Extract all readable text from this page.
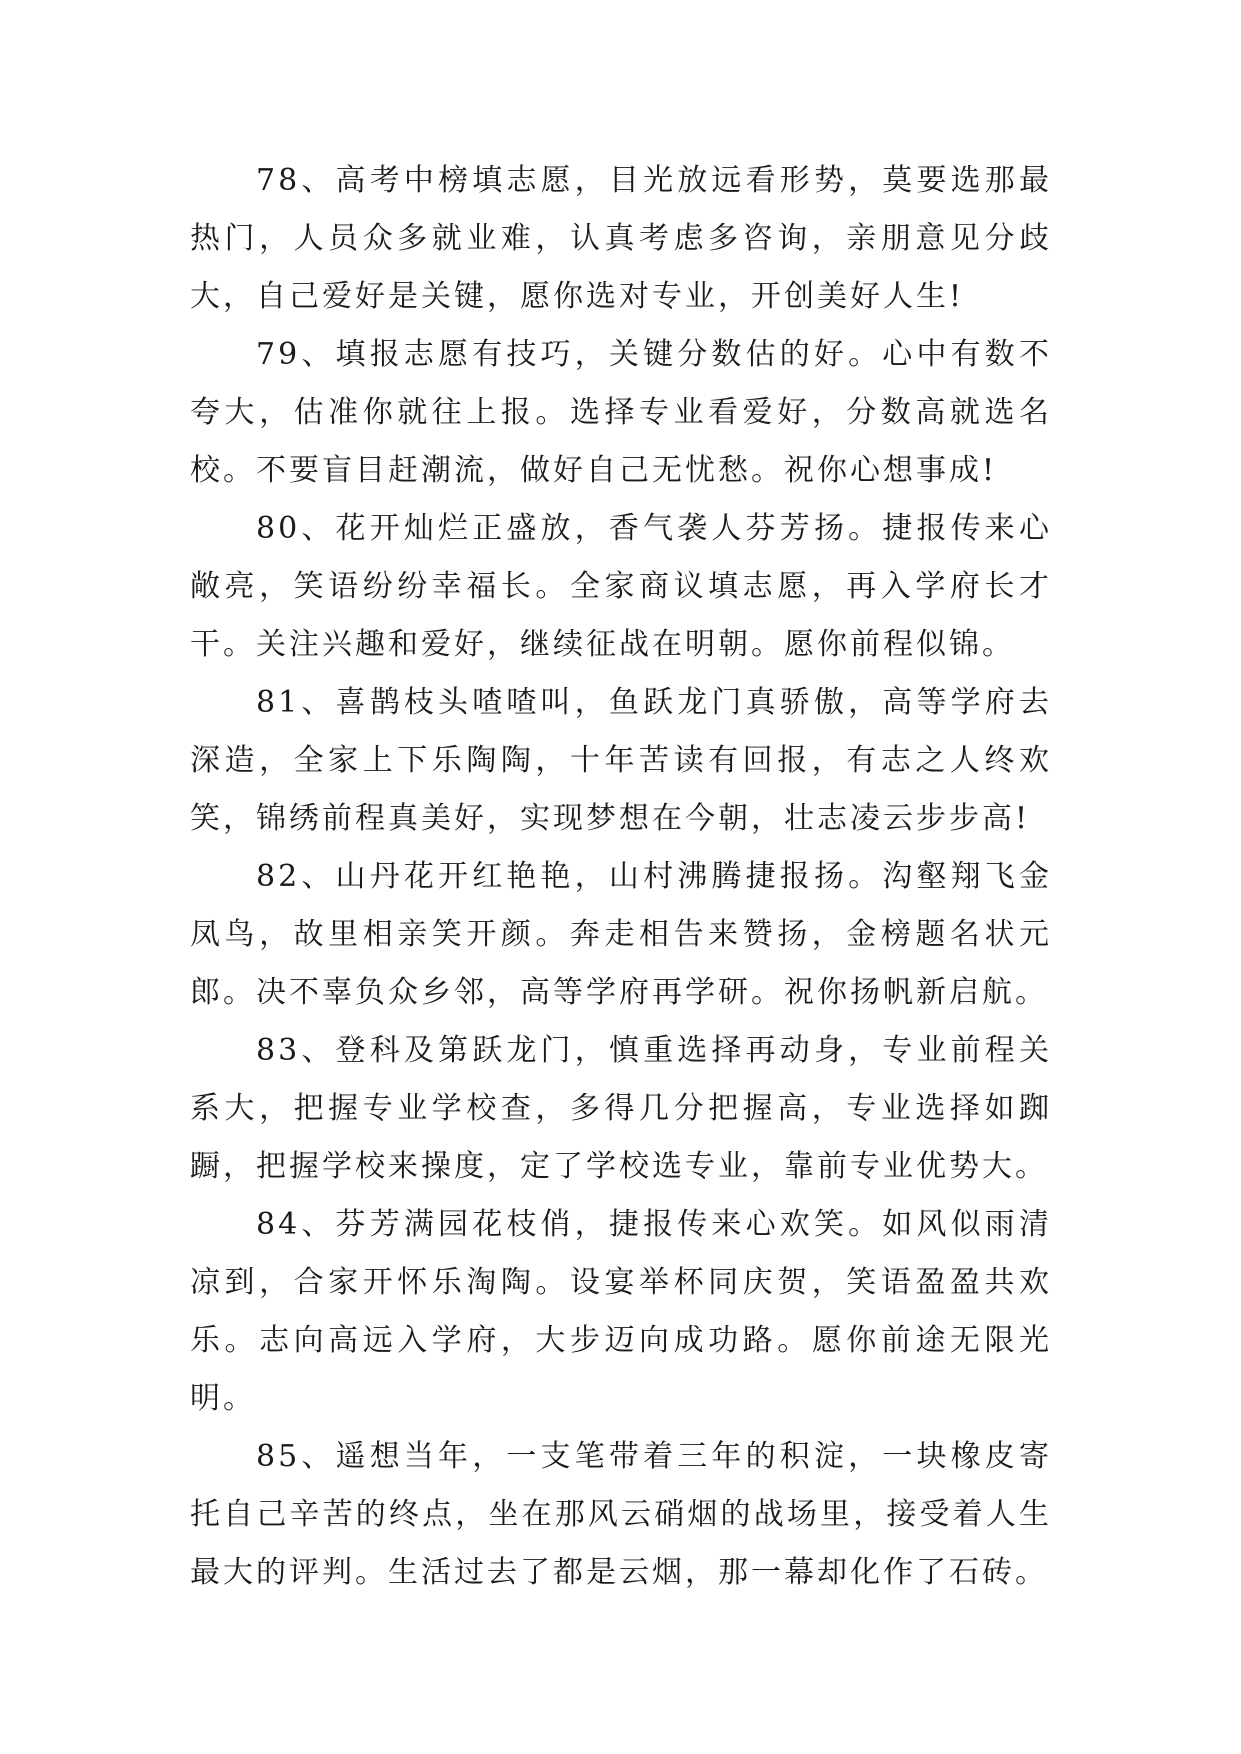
78、高考中榜填志愿，目光放远看形势，莫要选那最热门，人员众多就业难，认真考虑多咨询，亲朋意见分歧大，自己爱好是关键，愿你选对专业，开创美好人生!

79、填报志愿有技巧，关键分数估的好。心中有数不夸大，估准你就往上报。选择专业看爱好，分数高就选名校。不要盲目赶潮流，做好自己无忧愁。祝你心想事成!

80、花开灿烂正盛放，香气袭人芬芳扬。捷报传来心敞亮，笑语纷纷幸福长。全家商议填志愿，再入学府长才干。关注兴趣和爱好，继续征战在明朝。愿你前程似锦。

81、喜鹊枝头喳喳叫，鱼跃龙门真骄傲，高等学府去深造，全家上下乐陶陶，十年苦读有回报，有志之人终欢笑，锦绣前程真美好，实现梦想在今朝，壮志凌云步步高!

82、山丹花开红艳艳，山村沸腾捷报扬。沟壑翔飞金凤鸟，故里相亲笑开颜。奔走相告来赞扬，金榜题名状元郎。决不辜负众乡邻，高等学府再学研。祝你扬帆新启航。

83、登科及第跃龙门，慎重选择再动身，专业前程关系大，把握专业学校查，多得几分把握高，专业选择如踟蹰，把握学校来操度，定了学校选专业，靠前专业优势大。

84、芬芳满园花枝俏，捷报传来心欢笑。如风似雨清凉到，合家开怀乐淘陶。设宴举杯同庆贺，笑语盈盈共欢乐。志向高远入学府，大步迈向成功路。愿你前途无限光明。

85、遥想当年，一支笔带着三年的积淀，一块橡皮寄托自己辛苦的终点，坐在那风云硝烟的战场里，接受着人生最大的评判。生活过去了都是云烟，那一幕却化作了石砖。
